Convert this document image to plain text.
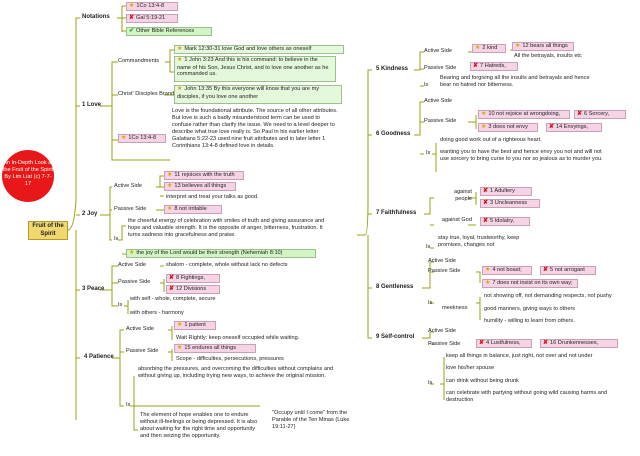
An In-Depth Look at the Fruit of the Spirit By Lim Liat (c) 7-7-17
Fruit of the Spirit
Notations
★ 1Co 13:4-8
✘ Gal 5:19-21
✔ Other Bible References
1 Love
Commandments
★ Mark 12:30-31 love God and love others as oneself
★ 1 John 3:23 And this is his command: to believe in the name of his Son, Jesus Christ, and to love one another as he commanded us.
Christ' Disciples Brand
★ John 13:35 By this everyone will know that you are my disciples, if you love one another
★ 1Co 13:4-8
Love is the foundational attribute. The source of all other attributes. But love is such a badly misunderstood term can be used to confuse rather than clarify the issue. We need to a level deeper to describe what true love really is. So Paul in his earlier letter Galatians 5:22-23 used nine fruit attributes and in later letter 1 Corinthians 13:4-8 defined love in details.
2 Joy
Active Side
★ 11 rejoices with the truth
★ 13 believes all things
interpret and treat your talks as good.
Passive Side	★ 8 not irritable
Is
the cheerful energy of celebration with smiles of truth and giving assurance and hope and valuable strength. It is the opposite of anger, bitterness, frustration. It turns sadness into gracefulness and praise.
★ the joy of the Lord would be their strength (Nehemiah 8:10)
3 Peace
Active Side	shalom - complete, whole without lack no defects
Passive Side
✘ 8 Fightings,
✘ 12 Divisions
Is
with self - whole, complete, secure
with others - harmony
4 Patience
Active Side
★ 1 patient
Wait Rightly: keep oneself occupied while waiting.
Passive Side	★ 15 endures all things
Scope - difficulties, persecutions, pressures
Is
absorbing the pressures, and overcoming the difficulties without complains and without giving up, including trying new ways, to achieve the original mission.
The element of hope enables one to endure without ill-feelings or being depressed. It is also about waiting for the right time and opportunity and then seizing the opportunity.
"Occupy until I come" from the Parable of the Ten Minas (Luke 19:11-27)
5 Kindness
Active Side	★ 2 kind	★ 12 bears all things
All the betrayals, insults etc
Passive Side	✘ 7 Hatreds,
Is
Bearing and forgiving all the insults and betrayals and hence bear no hatred nor bitterness.
6 Goodness
Active Side
Passive Side
★ 10 not rejoice at wrongdoing,	✘ 6 Sorcery,
★ 3 does not envy	✘ 14 Envyings,
Is
doing good work out of a righteous heart.
wanting you to have the best and hence envy you not and will not use sorcery to bring curse to you nor so jealous as to murder you.
7 Faithfulness
against people
✘ 1 Adultery
✘ 3 Uncleanness
against God	✘ 5 Idolatry,
Is
stay true, loyal, trustworthy, keep promises, changes not
8 Gentleness
Active Side
Passive Side	★ 4 not boast;	✘ 5 not arrogant
★ 7 does not insist on its own way;
Is
meekness
not showing off, not demanding respects, not pushy
good manners, giving ways to others
humility - willing to learn from others.
9 Self-control
Active Side
Passive Side	✘ 4 Lustfulness,	✘ 16 Drunkennesses,
Is
keep all things in balance, just right, not over and not under
love his/her spouse
can drink without being drunk
can celebrate with partying without going wild causing harms and destruction
